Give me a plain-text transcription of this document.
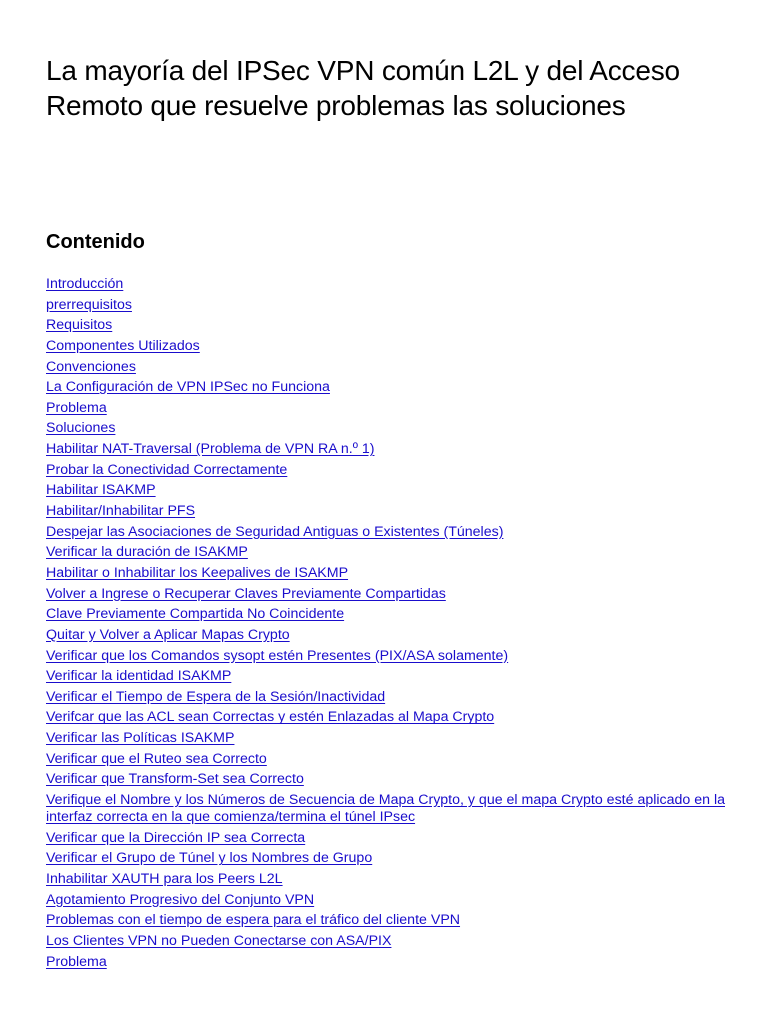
La mayoría del IPSec VPN común L2L y del Acceso Remoto que resuelve problemas las soluciones
Contenido
Introducción
prerrequisitos
Requisitos
Componentes Utilizados
Convenciones
La Configuración de VPN IPSec no Funciona
Problema
Soluciones
Habilitar NAT-Traversal (Problema de VPN RA n.º 1)
Probar la Conectividad Correctamente
Habilitar ISAKMP
Habilitar/Inhabilitar PFS
Despejar las Asociaciones de Seguridad Antiguas o Existentes (Túneles)
Verificar la duración de ISAKMP
Habilitar o Inhabilitar los Keepalives de ISAKMP
Volver a Ingrese o Recuperar Claves Previamente Compartidas
Clave Previamente Compartida No Coincidente
Quitar y Volver a Aplicar Mapas Crypto
Verificar que los Comandos sysopt estén Presentes (PIX/ASA solamente)
Verificar la identidad ISAKMP
Verificar el Tiempo de Espera de la Sesión/Inactividad
Verifcar que las ACL sean Correctas y estén Enlazadas al Mapa Crypto
Verificar las Políticas ISAKMP
Verificar que el Ruteo sea Correcto
Verificar que Transform-Set sea Correcto
Verifique el Nombre y los Números de Secuencia de Mapa Crypto, y que el mapa Crypto esté aplicado en la interfaz correcta en la que comienza/termina el túnel IPsec
Verificar que la Dirección IP sea Correcta
Verificar el Grupo de Túnel y los Nombres de Grupo
Inhabilitar XAUTH para los Peers L2L
Agotamiento Progresivo del Conjunto VPN
Problemas con el tiempo de espera para el tráfico del cliente VPN
Los Clientes VPN no Pueden Conectarse con ASA/PIX
Problema
